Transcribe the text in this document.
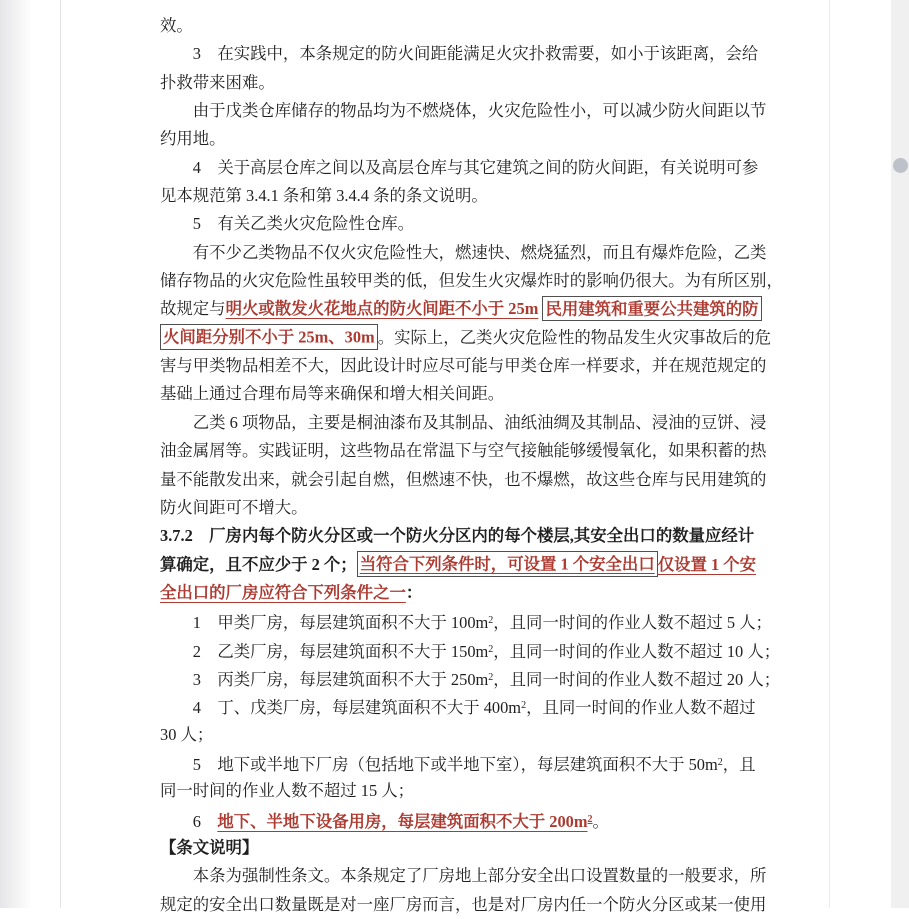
效。
　　3　在实践中，本条规定的防火间距能满足火灾扑救需要，如小于该距离，会给
扑救带来困难。
　　由于戊类仓库储存的物品均为不燃烧体，火灾危险性小，可以减少防火间距以节
约用地。
　　4　关于高层仓库之间以及高层仓库与其它建筑之间的防火间距，有关说明可参
见本规范第 3.4.1 条和第 3.4.4 条的条文说明。
　　5　有关乙类火灾危险性仓库。
　　有不少乙类物品不仅火灾危险性大，燃速快、燃烧猛烈，而且有爆炸危险，乙类
储存物品的火灾危险性虽较甲类的低，但发生火灾爆炸时的影响仍很大。为有所区别，
故规定与明火或散发火花地点的防火间距不小于 25m 民用建筑和重要公共建筑的防
火间距分别不小于 25m、30m 。实际上，乙类火灾危险性的物品发生火灾事故后的危
害与甲类物品相差不大，因此设计时应尽可能与甲类仓库一样要求，并在规范规定的
基础上通过合理布局等来确保和增大相关间距。
　　乙类 6 项物品，主要是桐油漆布及其制品、油纸油绸及其制品、浸油的豆饼、浸
油金属屑等。实践证明，这些物品在常温下与空气接触能够缓慢氧化，如果积蓄的热
量不能散发出来，就会引起自燃，但燃速不快，也不爆燃，故这些仓库与民用建筑的
防火间距可不增大。
3.7.2　厂房内每个防火分区或一个防火分区内的每个楼层,其安全出口的数量应经计
算确定，且不应少于 2 个； 当符合下列条件时，可设置 1 个安全出口 仅设置 1 个安
全出口的厂房应符合下列条件之一：
　　1　甲类厂房，每层建筑面积不大于 $100m^2$，且同一时间的作业人数不超过 5 人；
　　2　乙类厂房，每层建筑面积不大于 $150m^2$，且同一时间的作业人数不超过 10 人；
　　3　丙类厂房，每层建筑面积不大于 $250m^2$，且同一时间的作业人数不超过 20 人；
　　4　丁、戊类厂房，每层建筑面积不大于 $400m^2$，且同一时间的作业人数不超过
30 人；
　　5　地下或半地下厂房（包括地下或半地下室），每层建筑面积不大于 $50m^2$，且
同一时间的作业人数不超过 15 人；
　　6　地下、半地下设备用房，每层建筑面积不大于 $200m^2$。
【条文说明】
　　本条为强制性条文。本条规定了厂房地上部分安全出口设置数量的一般要求，所
规定的安全出口数量既是对一座厂房而言，也是对厂房内任一个防火分区或某一使用
